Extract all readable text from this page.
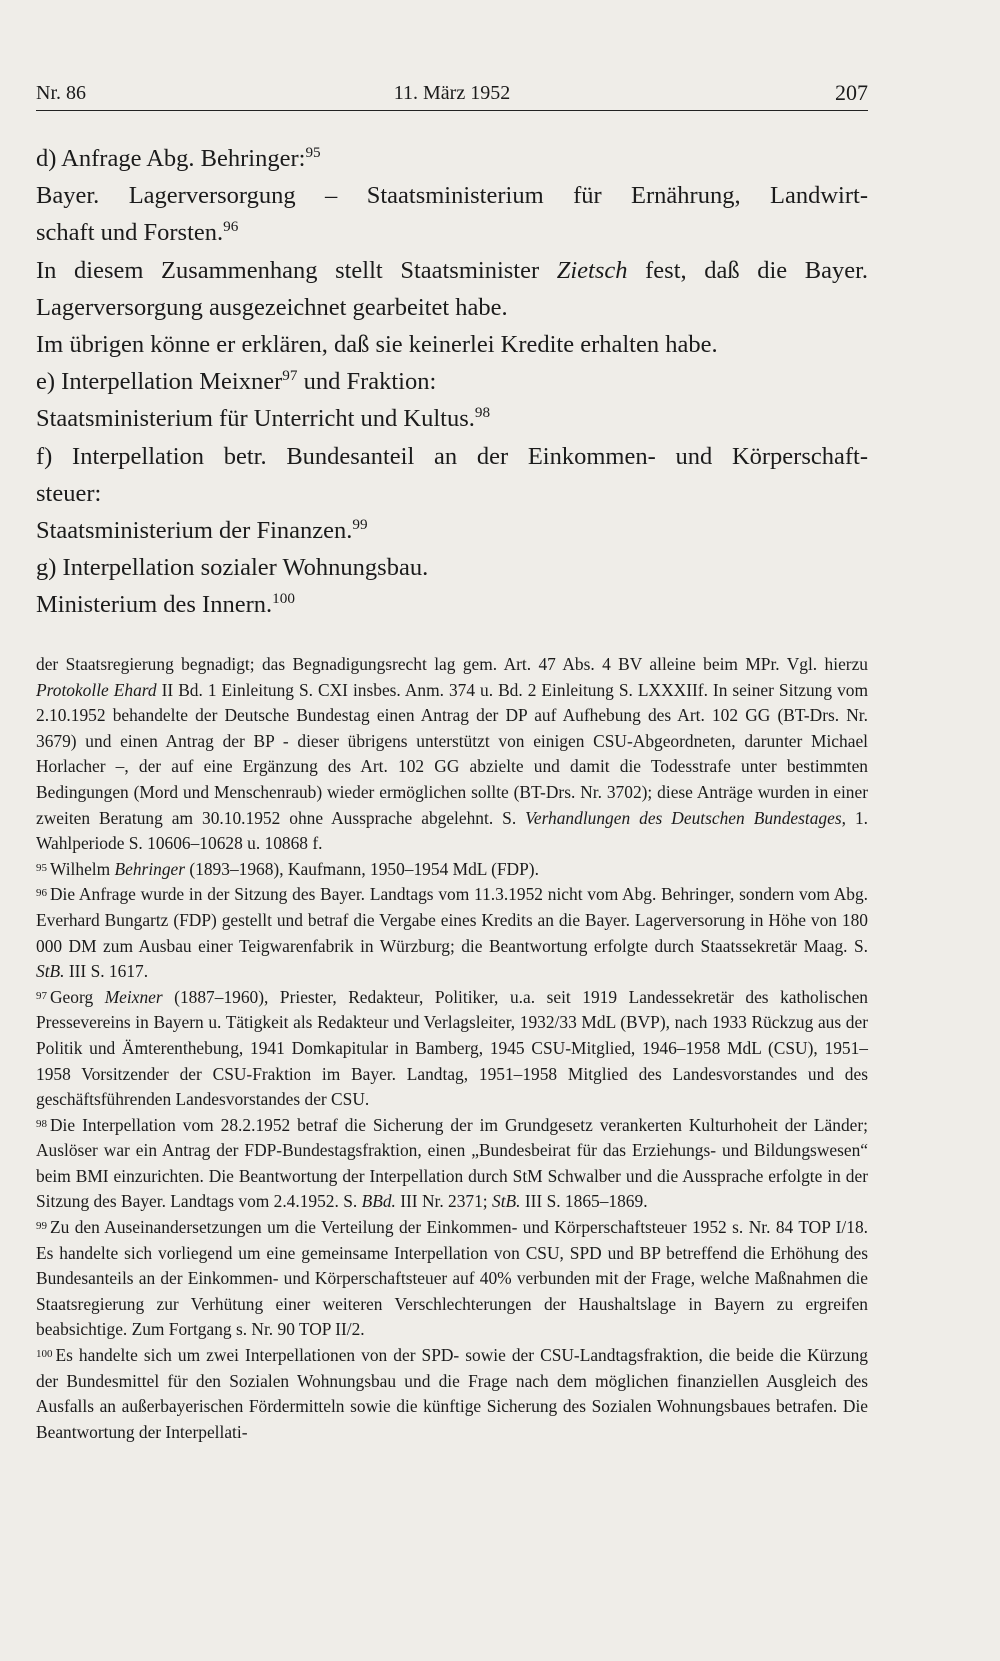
Nr. 86	11. März 1952	207

d) Anfrage Abg. Behringer:$^{95}$

Bayer. Lagerversorgung – Staatsministerium für Ernährung, Landwirt-

schaft und Forsten.$^{96}$

In diesem Zusammenhang stellt Staatsminister Zietsch fest, daß die Bayer.

Lagerversorgung ausgezeichnet gearbeitet habe.

Im übrigen könne er erklären, daß sie keinerlei Kredite erhalten habe.

e) Interpellation Meixner$^{97}$ und Fraktion:

Staatsministerium für Unterricht und Kultus.$^{98}$

f) Interpellation betr. Bundesanteil an der Einkommen- und Körperschaft-

steuer:

Staatsministerium der Finanzen.$^{99}$

g) Interpellation sozialer Wohnungsbau.

Ministerium des Innern.$^{100}$

der Staatsregierung begnadigt; das Begnadigungsrecht lag gem. Art. 47 Abs. 4 BV alleine beim MPr. Vgl. hierzu Protokolle Ehard II Bd. 1 Einleitung S. CXI insbes. Anm. 374 u. Bd. 2 Einleitung S. LXXXIIf. In seiner Sitzung vom 2.10.1952 behandelte der Deutsche Bundestag einen Antrag der DP auf Aufhebung des Art. 102 GG (BT-Drs. Nr. 3679) und einen Antrag der BP - dieser übrigens unterstützt von einigen CSU-Abgeordneten, darunter Michael Horlacher –, der auf eine Ergänzung des Art. 102 GG abzielte und damit die Todesstrafe unter bestimmten Bedingungen (Mord und Menschenraub) wieder ermöglichen sollte (BT-Drs. Nr. 3702); diese Anträge wurden in einer zweiten Beratung am 30.10.1952 ohne Aussprache abgelehnt. S. Verhandlungen des Deutschen Bundestages, 1. Wahlperiode S. 10606–10628 u. 10868 f.

$^{95}$ Wilhelm Behringer (1893–1968), Kaufmann, 1950–1954 MdL (FDP).

$^{96}$ Die Anfrage wurde in der Sitzung des Bayer. Landtags vom 11.3.1952 nicht vom Abg. Behringer, sondern vom Abg. Everhard Bungartz (FDP) gestellt und betraf die Vergabe eines Kredits an die Bayer. Lagerversorung in Höhe von 180 000 DM zum Ausbau einer Teigwarenfabrik in Würzburg; die Beantwortung erfolgte durch Staatssekretär Maag. S. StB. III S. 1617.

$^{97}$ Georg Meixner (1887–1960), Priester, Redakteur, Politiker, u.a. seit 1919 Landessekretär des katholischen Pressevereins in Bayern u. Tätigkeit als Redakteur und Verlagsleiter, 1932/33 MdL (BVP), nach 1933 Rückzug aus der Politik und Ämterenthebung, 1941 Domkapitular in Bamberg, 1945 CSU-Mitglied, 1946–1958 MdL (CSU), 1951–1958 Vorsitzender der CSU-Fraktion im Bayer. Landtag, 1951–1958 Mitglied des Landesvorstandes und des geschäftsführenden Landesvorstandes der CSU.

$^{98}$ Die Interpellation vom 28.2.1952 betraf die Sicherung der im Grundgesetz verankerten Kulturhoheit der Länder; Auslöser war ein Antrag der FDP-Bundestagsfraktion, einen „Bundesbeirat für das Erziehungs- und Bildungswesen“ beim BMI einzurichten. Die Beantwortung der Interpellation durch StM Schwalber und die Aussprache erfolgte in der Sitzung des Bayer. Landtags vom 2.4.1952. S. BBd. III Nr. 2371; StB. III S. 1865–1869.

$^{99}$ Zu den Auseinandersetzungen um die Verteilung der Einkommen- und Körperschaftsteuer 1952 s. Nr. 84 TOP I/18. Es handelte sich vorliegend um eine gemeinsame Interpellation von CSU, SPD und BP betreffend die Erhöhung des Bundesanteils an der Einkommen- und Körperschaftsteuer auf 40% verbunden mit der Frage, welche Maßnahmen die Staatsregierung zur Verhütung einer weiteren Verschlechterungen der Haushaltslage in Bayern zu ergreifen beabsichtige. Zum Fortgang s. Nr. 90 TOP II/2.

$^{100}$ Es handelte sich um zwei Interpellationen von der SPD- sowie der CSU-Landtagsfraktion, die beide die Kürzung der Bundesmittel für den Sozialen Wohnungsbau und die Frage nach dem möglichen finanziellen Ausgleich des Ausfalls an außerbayerischen Fördermitteln sowie die künftige Sicherung des Sozialen Wohnungsbaues betrafen. Die Beantwortung der Interpellati-
